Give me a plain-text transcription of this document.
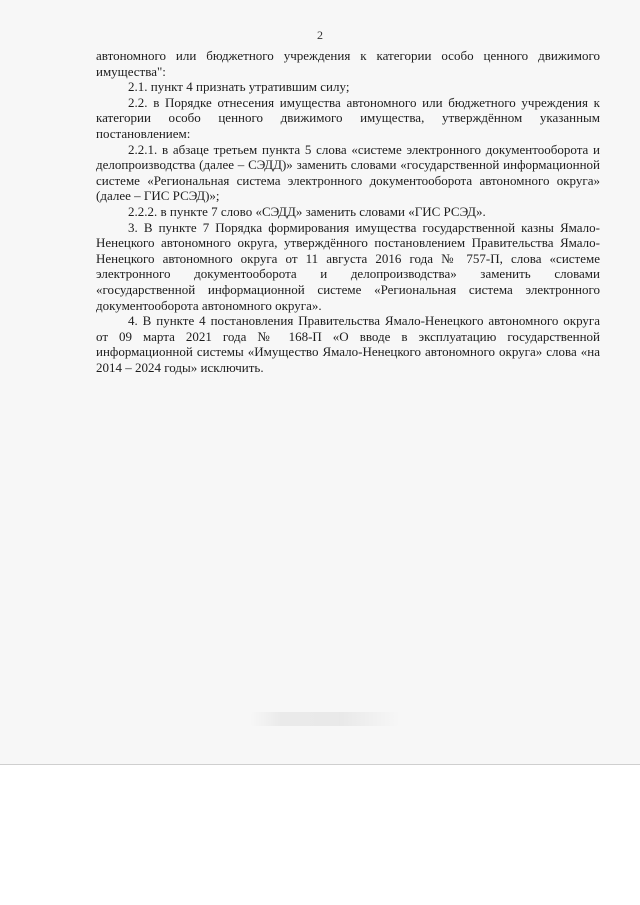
2

автономного или бюджетного учреждения к категории особо ценного движимого имущества":

2.1. пункт 4 признать утратившим силу;

2.2. в Порядке отнесения имущества автономного или бюджетного учреждения к категории особо ценного движимого имущества, утверждённом указанным постановлением:

2.2.1. в абзаце третьем пункта 5 слова «системе электронного документооборота и делопроизводства (далее – СЭДД)» заменить словами «государственной информационной системе «Региональная система электронного документооборота автономного округа» (далее – ГИС РСЭД)»;

2.2.2. в пункте 7 слово «СЭДД» заменить словами «ГИС РСЭД».

3. В пункте 7 Порядка формирования имущества государственной казны Ямало-Ненецкого автономного округа, утверждённого постановлением Правительства Ямало-Ненецкого автономного округа от 11 августа 2016 года № 757-П, слова «системе электронного документооборота и делопроизводства» заменить словами «государственной информационной системе «Региональная система электронного документооборота автономного округа».

4. В пункте 4 постановления Правительства Ямало-Ненецкого автономного округа от 09 марта 2021 года № 168-П «О вводе в эксплуатацию государственной информационной системы «Имущество Ямало-Ненецкого автономного округа» слова «на 2014 – 2024 годы» исключить.
